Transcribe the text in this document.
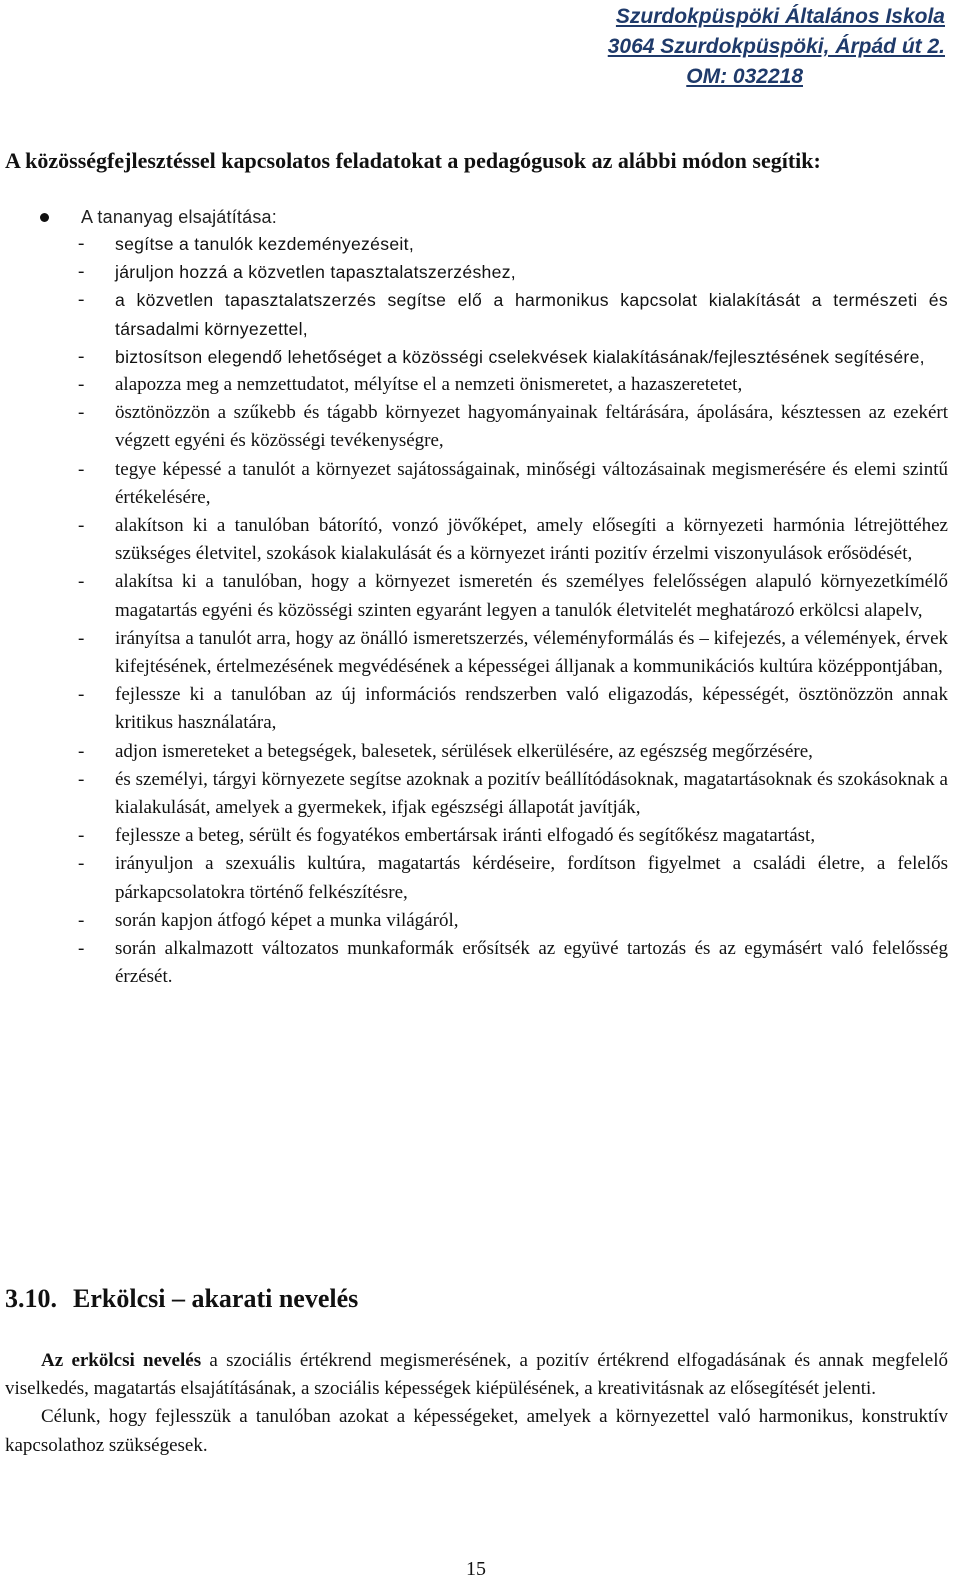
Szurdokpüspöki Általános Iskola
3064 Szurdokpüspöki, Árpád út 2.
OM: 032218

A közösségfejlesztéssel kapcsolatos feladatokat a pedagógusok az alábbi módon segítik:

A tananyag elsajátítása:
- segítse a tanulók kezdeményezéseit,
- járuljon hozzá a közvetlen tapasztalatszerzéshez,
- a közvetlen tapasztalatszerzés segítse elő a harmonikus kapcsolat kialakítását a természeti és társadalmi környezettel,
- biztosítson elegendő lehetőséget a közösségi cselekvések kialakításának/fejlesztésének segítésére,
- alapozza meg a nemzettudatot, mélyítse el a nemzeti önismeretet, a hazaszeretetet,
- ösztönözzön a szűkebb és tágabb környezet hagyományainak feltárására, ápolására, késztessen az ezekért végzett egyéni és közösségi tevékenységre,
- tegye képessé a tanulót a környezet sajátosságainak, minőségi változásainak megismerésére és elemi szintű értékelésére,
- alakítson ki a tanulóban bátorító, vonzó jövőképet, amely elősegíti a környezeti harmónia létrejöttéhez szükséges életvitel, szokások kialakulását és a környezet iránti pozitív érzelmi viszonyulások erősödését,
- alakítsa ki a tanulóban, hogy a környezet ismeretén és személyes felelősségen alapuló környezetkímélő magatartás egyéni és közösségi szinten egyaránt legyen a tanulók életvitelét meghatározó erkölcsi alapelv,
- irányítsa a tanulót arra, hogy az önálló ismeretszerzés, véleményformálás és – kifejezés, a vélemények, érvek kifejtésének, értelmezésének megvédésének a képességei álljanak a kommunikációs kultúra középpontjában,
- fejlessze ki a tanulóban az új információs rendszerben való eligazodás, képességét, ösztönözzön annak kritikus használatára,
- adjon ismereteket a betegségek, balesetek, sérülések elkerülésére, az egészség megőrzésére,
- és személyi, tárgyi környezete segítse azoknak a pozitív beállítódásoknak, magatartásoknak és szokásoknak a kialakulását, amelyek a gyermekek, ifjak egészségi állapotát javítják,
- fejlessze a beteg, sérült és fogyatékos embertársak iránti elfogadó és segítőkész magatartást,
- irányuljon a szexuális kultúra, magatartás kérdéseire, fordítson figyelmet a családi életre, a felelős párkapcsolatokra történő felkészítésre,
- során kapjon átfogó képet a munka világáról,
- során alkalmazott változatos munkaformák erősítsék az együvé tartozás és az egymásért való felelősség érzését.
3.10. Erkölcsi – akarati nevelés

Az erkölcsi nevelés a szociális értékrend megismerésének, a pozitív értékrend elfogadásának és annak megfelelő viselkedés, magatartás elsajátításának, a szociális képességek kiépülésének, a kreativitásnak az elősegítését jelenti.

Célunk, hogy fejlesszük a tanulóban azokat a képességeket, amelyek a környezettel való harmonikus, konstruktív kapcsolathoz szükségesek.

15
